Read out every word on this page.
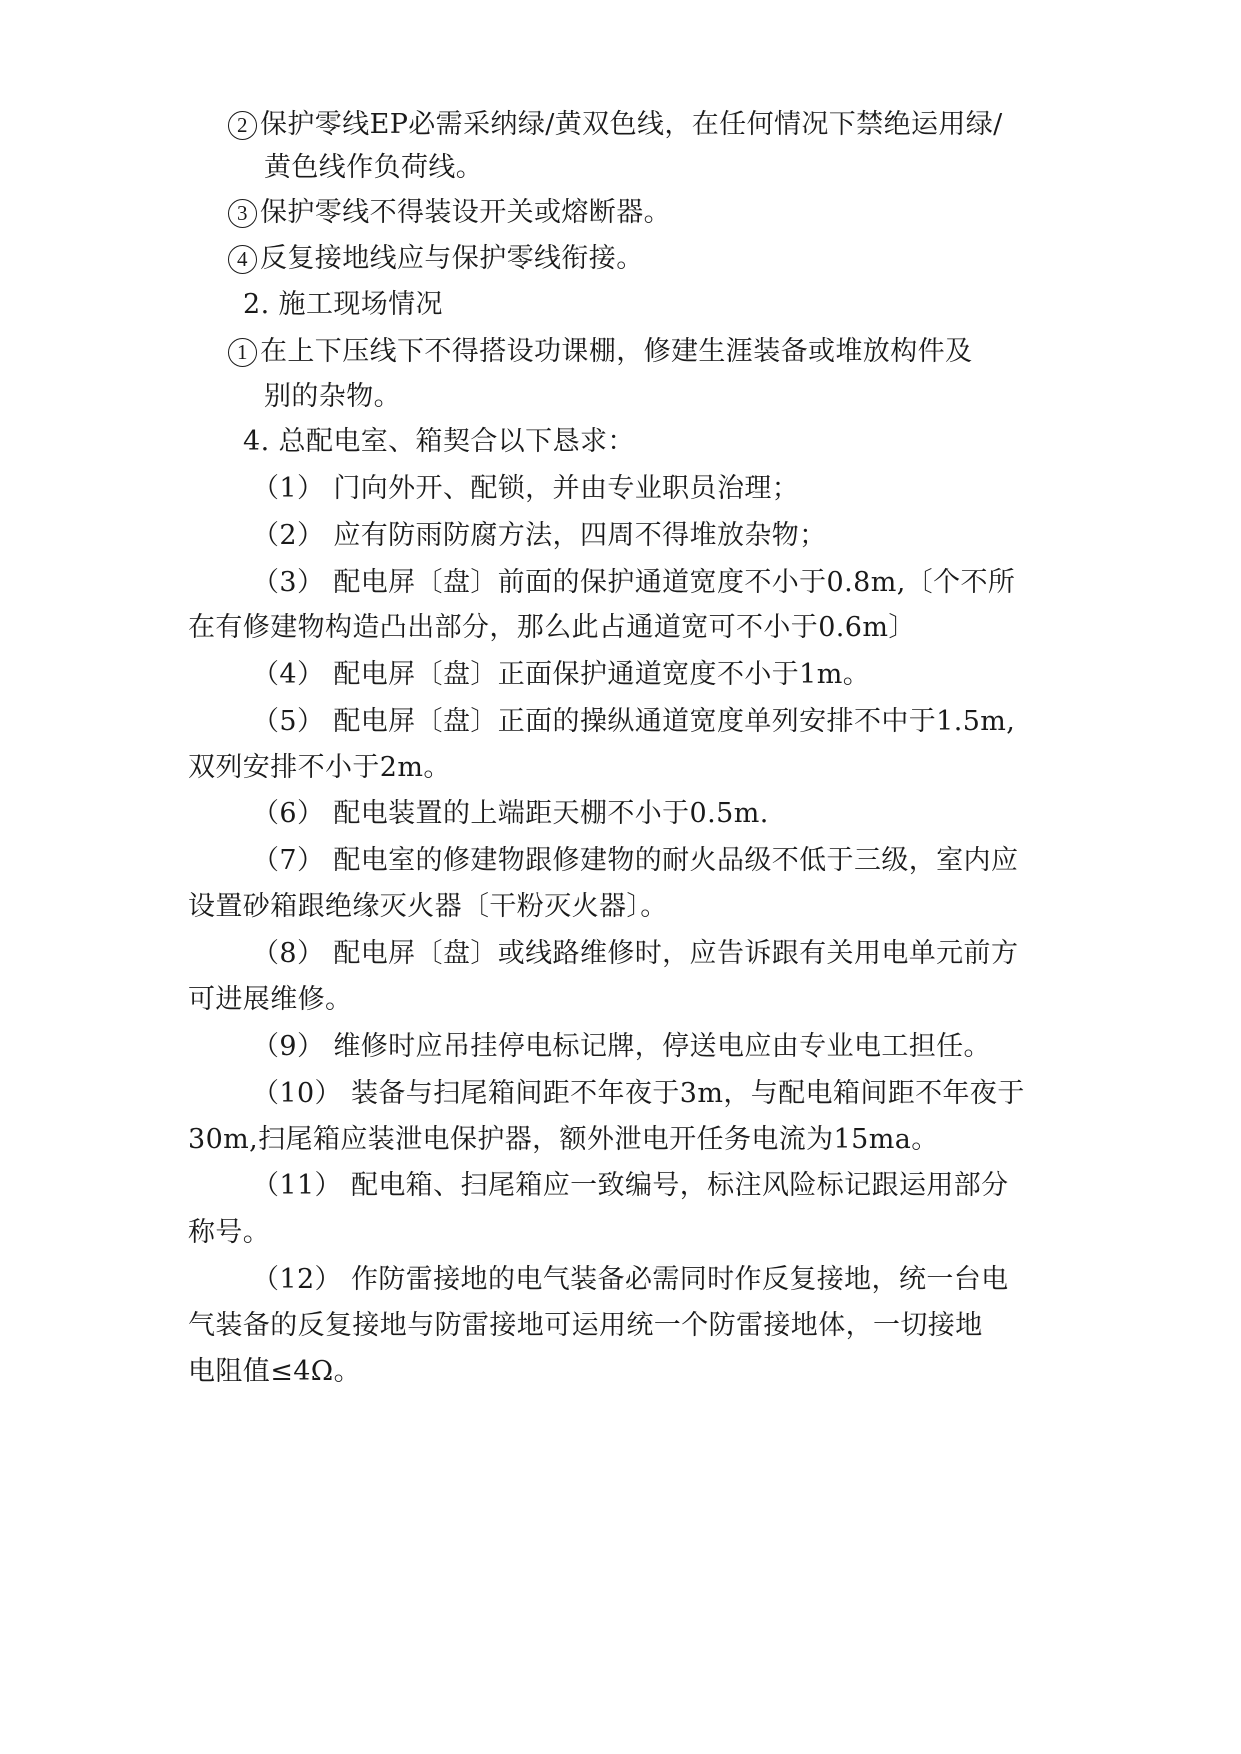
2 保护零线EP必需采纳绿/黄双色线，在任何情况下禁绝运用绿/
黄色线作负荷线。
3 保护零线不得装设开关或熔断器。
4 反复接地线应与保护零线衔接。
2. 施工现场情况
1 在上下压线下不得搭设功课棚，修建生涯装备或堆放构件及
别的杂物。
4. 总配电室、箱契合以下恳求：
（1） 门向外开、配锁，并由专业职员治理；
（2） 应有防雨防腐方法，四周不得堆放杂物；
（3） 配电屏〔盘〕前面的保护通道宽度不小于0.8m,〔个不所
在有修建物构造凸出部分，那么此占通道宽可不小于0.6m〕
（4） 配电屏〔盘〕正面保护通道宽度不小于1m。
（5） 配电屏〔盘〕正面的操纵通道宽度单列安排不中于1.5m,
双列安排不小于2m。
（6） 配电装置的上端距天棚不小于0.5m.
（7） 配电室的修建物跟修建物的耐火品级不低于三级，室内应
设置砂箱跟绝缘灭火器〔干粉灭火器〕。
（8） 配电屏〔盘〕或线路维修时，应告诉跟有关用电单元前方
可进展维修。
（9） 维修时应吊挂停电标记牌，停送电应由专业电工担任。
（10） 装备与扫尾箱间距不年夜于3m，与配电箱间距不年夜于
30m,扫尾箱应装泄电保护器，额外泄电开任务电流为15ma。
（11） 配电箱、扫尾箱应一致编号，标注风险标记跟运用部分
称号。
（12） 作防雷接地的电气装备必需同时作反复接地，统一台电
气装备的反复接地与防雷接地可运用统一个防雷接地体，一切接地
电阻值≤4Ω。
